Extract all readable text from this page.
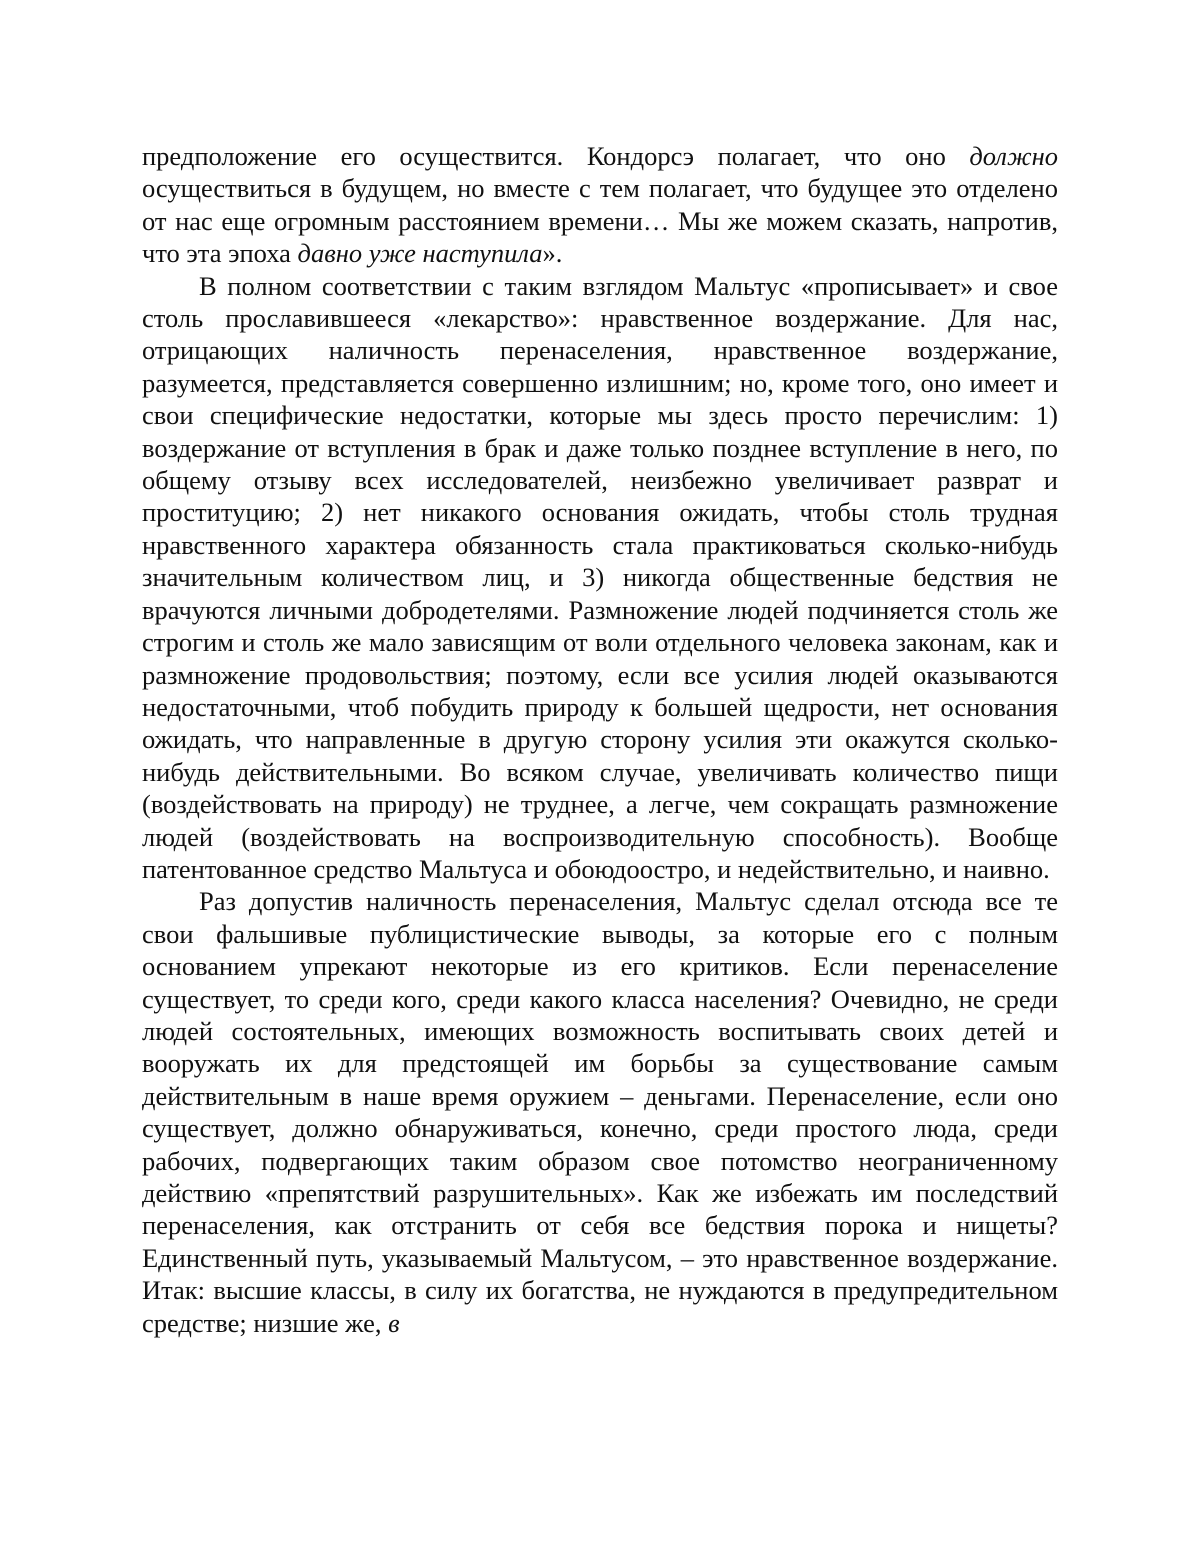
предположение его осуществится. Кондорсэ полагает, что оно должно осуществиться в будущем, но вместе с тем полагает, что будущее это отделено от нас еще огромным расстоянием времени… Мы же можем сказать, напротив, что эта эпоха давно уже наступила».

В полном соответствии с таким взглядом Мальтус «прописывает» и свое столь прославившееся «лекарство»: нравственное воздержание. Для нас, отрицающих наличность перенаселения, нравственное воздержание, разумеется, представляется совершенно излишним; но, кроме того, оно имеет и свои специфические недостатки, которые мы здесь просто перечислим: 1) воздержание от вступления в брак и даже только позднее вступление в него, по общему отзыву всех исследователей, неизбежно увеличивает разврат и проституцию; 2) нет никакого основания ожидать, чтобы столь трудная нравственного характера обязанность стала практиковаться сколько-нибудь значительным количеством лиц, и 3) никогда общественные бедствия не врачуются личными добродетелями. Размножение людей подчиняется столь же строгим и столь же мало зависящим от воли отдельного человека законам, как и размножение продовольствия; поэтому, если все усилия людей оказываются недостаточными, чтоб побудить природу к большей щедрости, нет основания ожидать, что направленные в другую сторону усилия эти окажутся сколько-нибудь действительными. Во всяком случае, увеличивать количество пищи (воздействовать на природу) не труднее, а легче, чем сокращать размножение людей (воздействовать на воспроизводительную способность). Вообще патентованное средство Мальтуса и обоюдоостро, и недействительно, и наивно.

Раз допустив наличность перенаселения, Мальтус сделал отсюда все те свои фальшивые публицистические выводы, за которые его с полным основанием упрекают некоторые из его критиков. Если перенаселение существует, то среди кого, среди какого класса населения? Очевидно, не среди людей состоятельных, имеющих возможность воспитывать своих детей и вооружать их для предстоящей им борьбы за существование самым действительным в наше время оружием – деньгами. Перенаселение, если оно существует, должно обнаруживаться, конечно, среди простого люда, среди рабочих, подвергающих таким образом свое потомство неограниченному действию «препятствий разрушительных». Как же избежать им последствий перенаселения, как отстранить от себя все бедствия порока и нищеты? Единственный путь, указываемый Мальтусом, – это нравственное воздержание. Итак: высшие классы, в силу их богатства, не нуждаются в предупредительном средстве; низшие же, в
